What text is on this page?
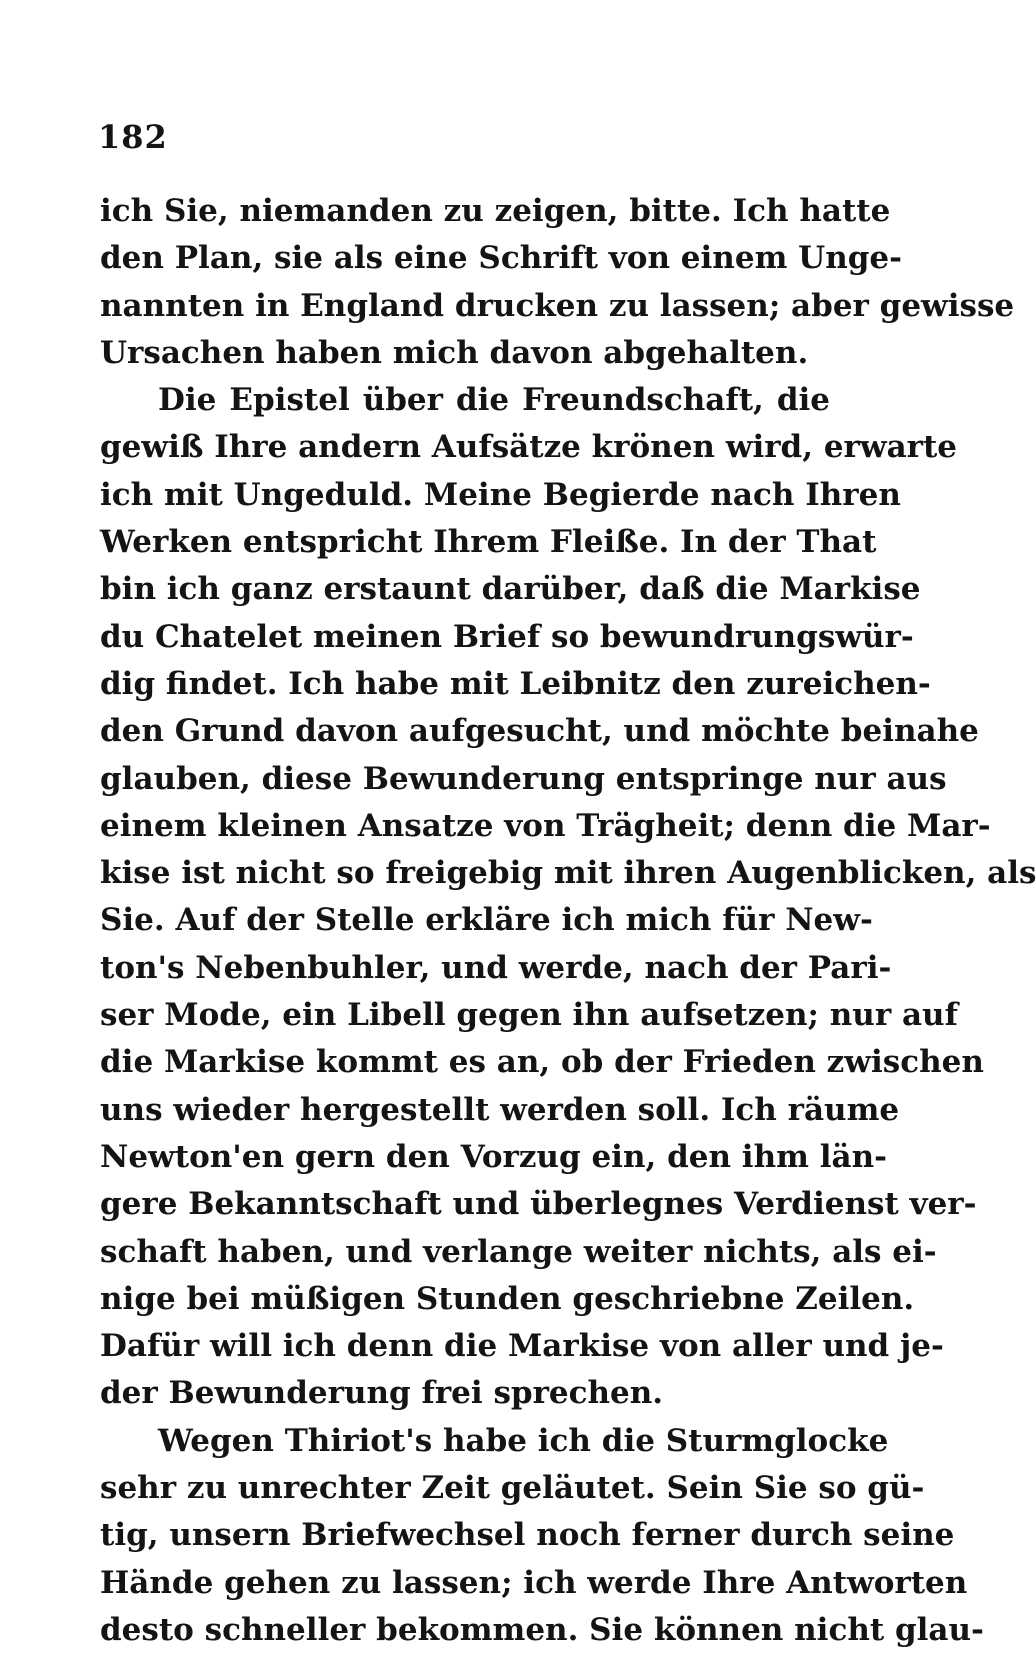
182
ich Sie, niemanden zu zeigen, bitte. Ich hatte
den Plan, sie als eine Schrift von einem Unge-
nannten in England drucken zu lassen; aber gewisse
Ursachen haben mich davon abgehalten.
Die Epistel über die Freundschaft, die
gewiß Ihre andern Aufsätze krönen wird, erwarte
ich mit Ungeduld. Meine Begierde nach Ihren
Werken entspricht Ihrem Fleiße. In der That
bin ich ganz erstaunt darüber, daß die Markise
du Chatelet meinen Brief so bewundrungswür-
dig findet. Ich habe mit Leibnitz den zureichen-
den Grund davon aufgesucht, und möchte beinahe
glauben, diese Bewunderung entspringe nur aus
einem kleinen Ansatze von Trägheit; denn die Mar-
kise ist nicht so freigebig mit ihren Augenblicken, als
Sie. Auf der Stelle erkläre ich mich für New-
ton's Nebenbuhler, und werde, nach der Pari-
ser Mode, ein Libell gegen ihn aufsetzen; nur auf
die Markise kommt es an, ob der Frieden zwischen
uns wieder hergestellt werden soll. Ich räume
Newton'en gern den Vorzug ein, den ihm län-
gere Bekanntschaft und überlegnes Verdienst ver-
schaft haben, und verlange weiter nichts, als ei-
nige bei müßigen Stunden geschriebne Zeilen.
Dafür will ich denn die Markise von aller und je-
der Bewunderung frei sprechen.
Wegen Thiriot's habe ich die Sturmglocke
sehr zu unrechter Zeit geläutet. Sein Sie so gü-
tig, unsern Briefwechsel noch ferner durch seine
Hände gehen zu lassen; ich werde Ihre Antworten
desto schneller bekommen. Sie können nicht glau-
